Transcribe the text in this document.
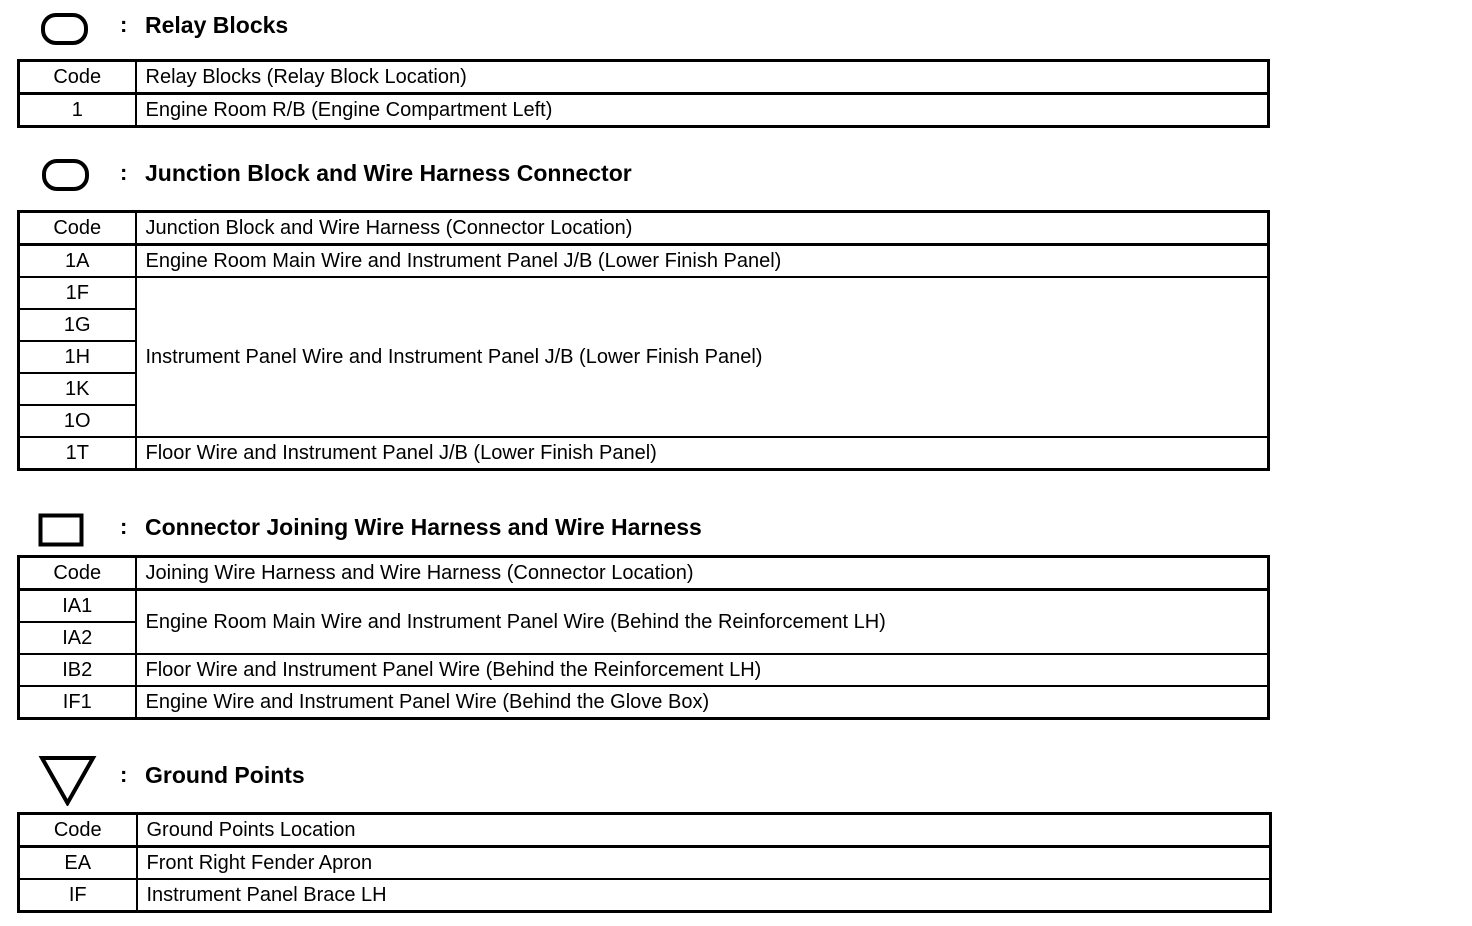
: Relay Blocks
Code	Relay Blocks (Relay Block Location)
1	Engine Room R/B (Engine Compartment Left)
: Junction Block and Wire Harness Connector
Code	Junction Block and Wire Harness (Connector Location)
1A	Engine Room Main Wire and Instrument Panel J/B (Lower Finish Panel)
1F	Instrument Panel Wire and Instrument Panel J/B (Lower Finish Panel)
1G	
1H	
1K	
1O	
1T	Floor Wire and Instrument Panel J/B (Lower Finish Panel)
: Connector Joining Wire Harness and Wire Harness
Code	Joining Wire Harness and Wire Harness (Connector Location)
IA1	Engine Room Main Wire and Instrument Panel Wire (Behind the Reinforcement LH)
IA2	
IB2	Floor Wire and Instrument Panel Wire (Behind the Reinforcement LH)
IF1	Engine Wire and Instrument Panel Wire (Behind the Glove Box)
: Ground Points
Code	Ground Points Location
EA	Front Right Fender Apron
IF	Instrument Panel Brace LH
